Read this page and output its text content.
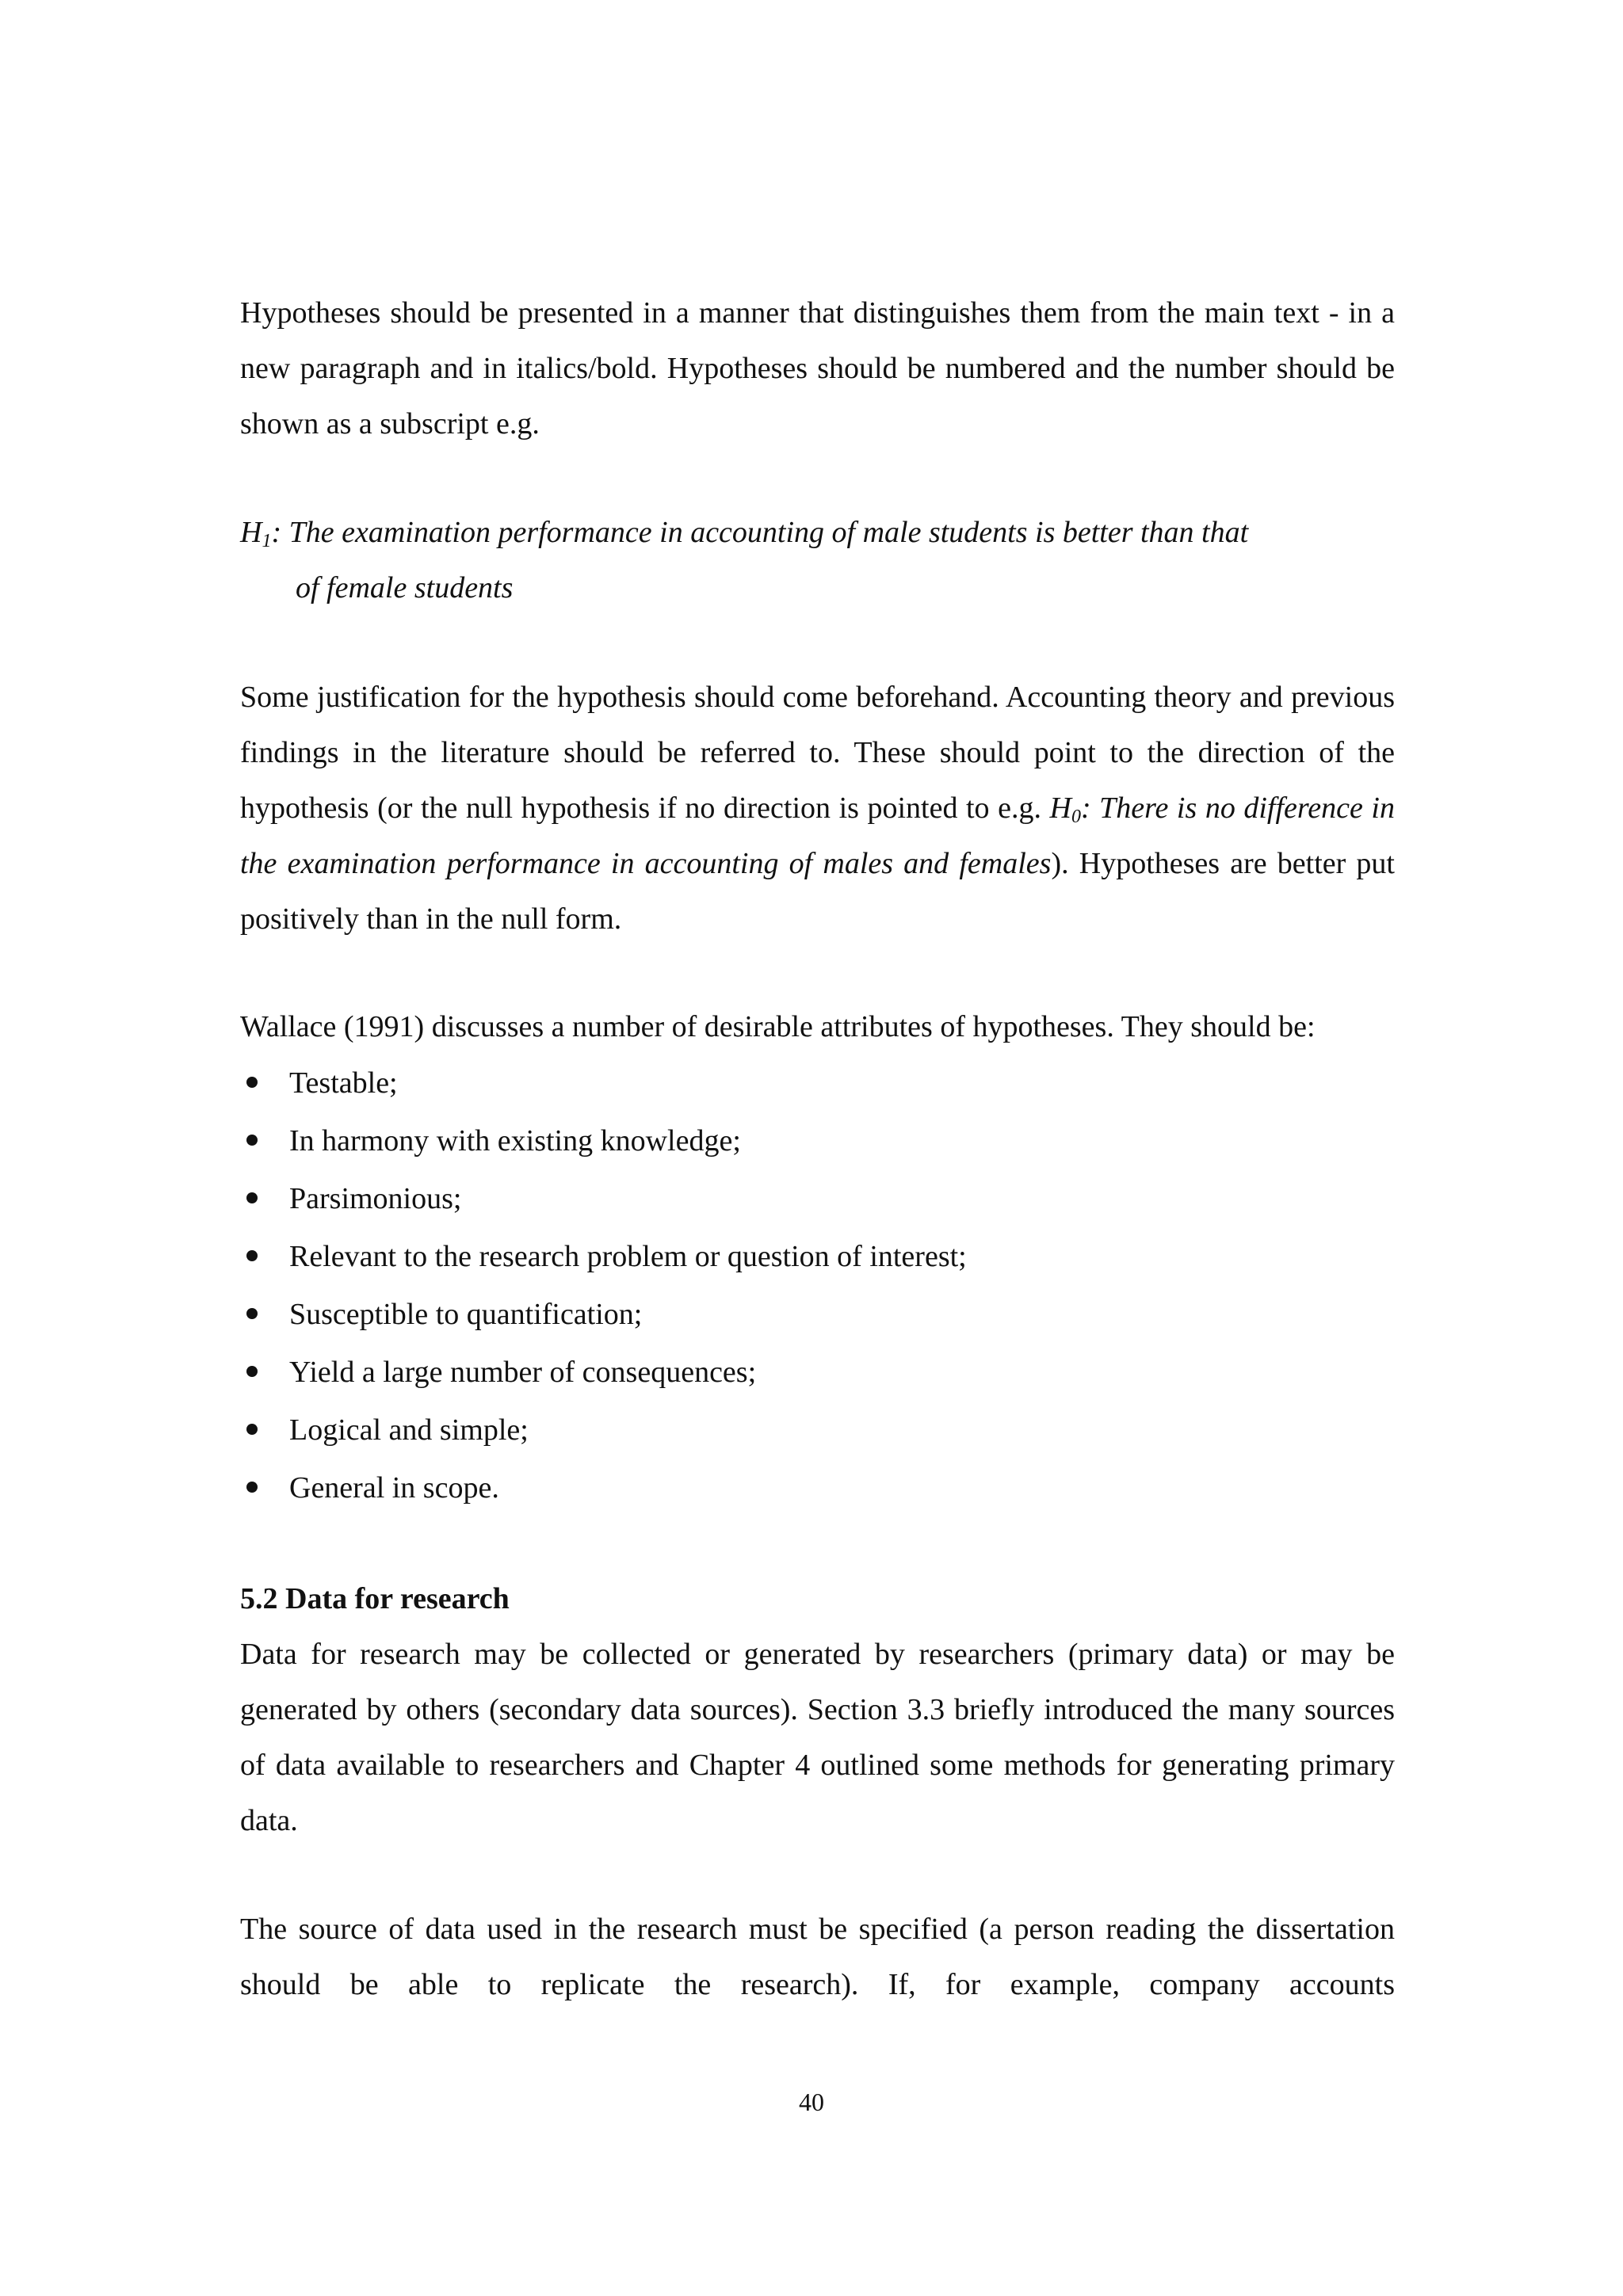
Hypotheses should be presented in a manner that distinguishes them from the main text - in a new paragraph and in italics/bold. Hypotheses should be numbered and the number should be shown as a subscript e.g.

$H_1$: The examination performance in accounting of male students is better than that
of female students

Some justification for the hypothesis should come beforehand. Accounting theory and previous findings in the literature should be referred to. These should point to the direction of the hypothesis (or the null hypothesis if no direction is pointed to e.g. $H_0$: There is no difference in the examination performance in accounting of males and females). Hypotheses are better put positively than in the null form.

Wallace (1991) discusses a number of desirable attributes of hypotheses. They should be:

Testable;
In harmony with existing knowledge;
Parsimonious;
Relevant to the research problem or question of interest;
Susceptible to quantification;
Yield a large number of consequences;
Logical and simple;
General in scope.
5.2 Data for research

Data for research may be collected or generated by researchers (primary data) or may be generated by others (secondary data sources). Section 3.3 briefly introduced the many sources of data available to researchers and Chapter 4 outlined some methods for generating primary data.

The source of data used in the research must be specified (a person reading the dissertation should be able to replicate the research). If, for example, company accounts

40
